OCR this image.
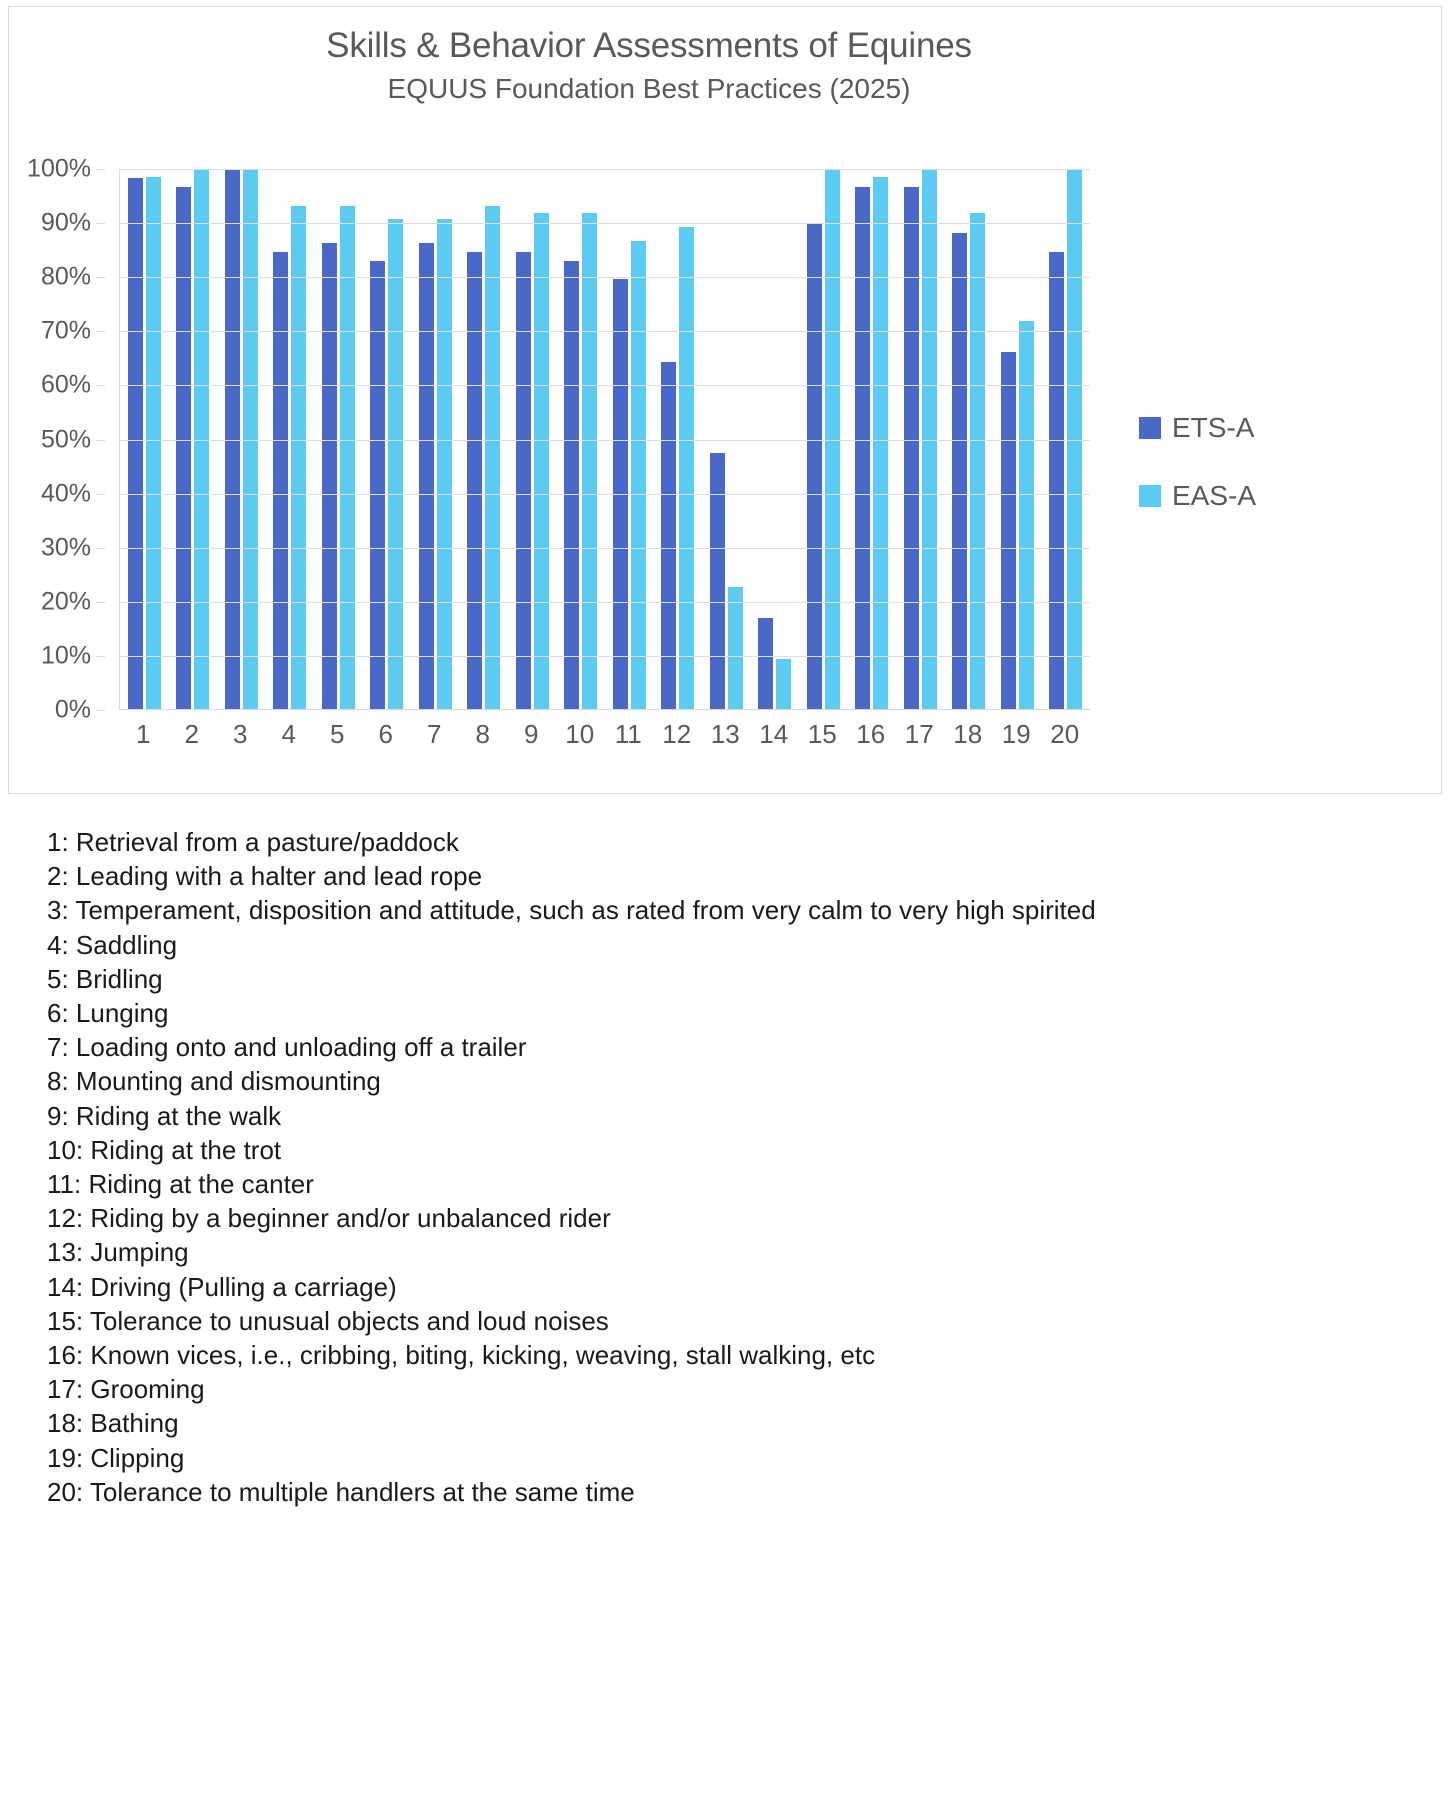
Skills & Behavior Assessments of Equines
EQUUS Foundation Best Practices (2025)
100%
90%
80%
70%
60%
50%
40%
30%
20%
10%
0%
1	2	3	4	5	6	7	8	9	10 11 12 13 14 15 16 17 18 19 20
ETS-A
EAS-A
1: Retrieval from a pasture/paddock
2: Leading with a halter and lead rope
3: Temperament, disposition and attitude, such as rated from very calm to very high spirited
4: Saddling
5: Bridling
6: Lunging
7: Loading onto and unloading off a trailer
8: Mounting and dismounting
9: Riding at the walk
10: Riding at the trot
11: Riding at the canter
12: Riding by a beginner and/or unbalanced rider
13: Jumping
14: Driving (Pulling a carriage)
15: Tolerance to unusual objects and loud noises
16: Known vices, i.e., cribbing, biting, kicking, weaving, stall walking, etc
17: Grooming
18: Bathing
19: Clipping
20: Tolerance to multiple handlers at the same time
